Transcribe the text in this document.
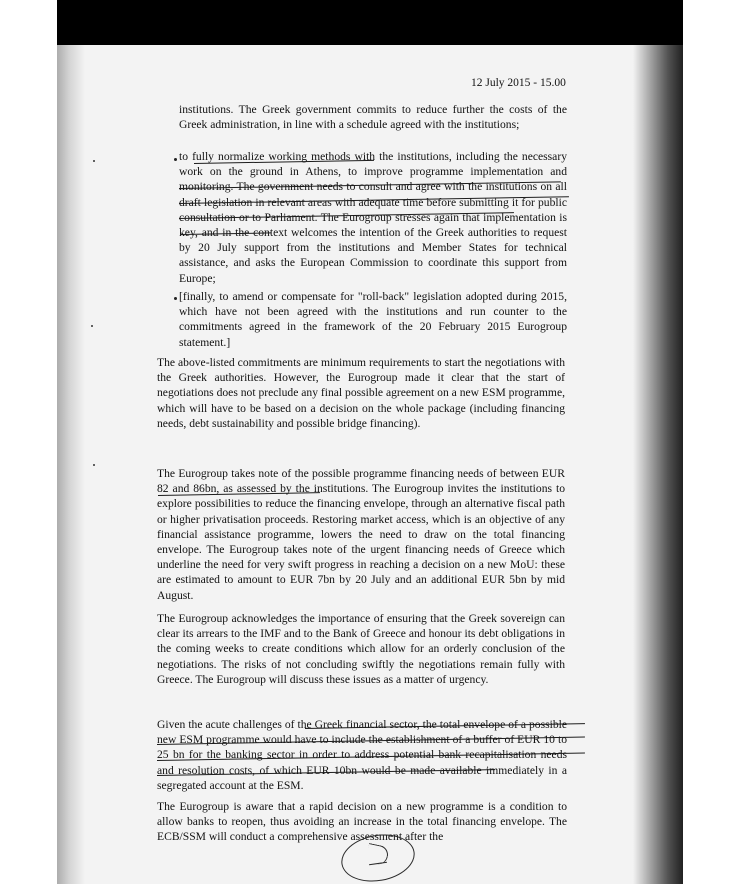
12 July 2015 - 15.00
institutions. The Greek government commits to reduce further the costs of the Greek administration, in line with a schedule agreed with the institutions;
to fully normalize working methods with the institutions, including the necessary work on the ground in Athens, to improve programme implementation and monitoring. The government needs to consult and agree with the institutions on all draft legislation in relevant areas with adequate time before submitting it for public consultation or to Parliament. The Eurogroup stresses again that implementation is key, and in the context welcomes the intention of the Greek authorities to request by 20 July support from the institutions and Member States for technical assistance, and asks the European Commission to coordinate this support from Europe;
[finally, to amend or compensate for "roll-back" legislation adopted during 2015, which have not been agreed with the institutions and run counter to the commitments agreed in the framework of the 20 February 2015 Eurogroup statement.]
The above-listed commitments are minimum requirements to start the negotiations with the Greek authorities. However, the Eurogroup made it clear that the start of negotiations does not preclude any final possible agreement on a new ESM programme, which will have to be based on a decision on the whole package (including financing needs, debt sustainability and possible bridge financing).
The Eurogroup takes note of the possible programme financing needs of between EUR 82 and 86bn, as assessed by the institutions. The Eurogroup invites the institutions to explore possibilities to reduce the financing envelope, through an alternative fiscal path or higher privatisation proceeds. Restoring market access, which is an objective of any financial assistance programme, lowers the need to draw on the total financing envelope. The Eurogroup takes note of the urgent financing needs of Greece which underline the need for very swift progress in reaching a decision on a new MoU: these are estimated to amount to EUR 7bn by 20 July and an additional EUR 5bn by mid August.
The Eurogroup acknowledges the importance of ensuring that the Greek sovereign can clear its arrears to the IMF and to the Bank of Greece and honour its debt obligations in the coming weeks to create conditions which allow for an orderly conclusion of the negotiations. The risks of not concluding swiftly the negotiations remain fully with Greece. The Eurogroup will discuss these issues as a matter of urgency.
Given the acute challenges of the Greek financial sector, the total envelope of a possible new ESM programme would have to include the establishment of a buffer of EUR 10 to 25 bn for the banking sector in order to address potential bank recapitalisation needs and resolution costs, of which EUR 10bn would be made available immediately in a segregated account at the ESM.
The Eurogroup is aware that a rapid decision on a new programme is a condition to allow banks to reopen, thus avoiding an increase in the total financing envelope. The ECB/SSM will conduct a comprehensive assessment after the
